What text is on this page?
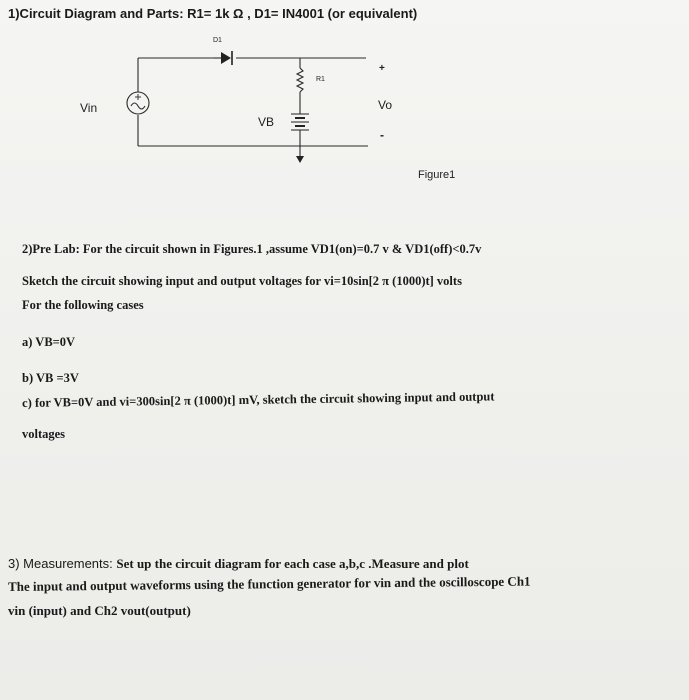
1)Circuit Diagram and Parts: R1= 1k Ω , D1= IN4001 (or equivalent)
D1
R1
Vin
VB
Vo
+
-
Figure1
2)Pre Lab: For the circuit shown in Figures.1 ,assume VD1(on)=0.7 v & VD1(off)<0.7v
Sketch the circuit showing input and output voltages for vi=10sin[2 π (1000)t] volts
For the following cases
a) VB=0V
b) VB =3V
c) for VB=0V and vi=300sin[2 π (1000)t] mV, sketch the circuit showing input and output
voltages
3) Measurements: Set up the circuit diagram for each case a,b,c .Measure and plot
The input and output waveforms using the function generator for vin and the oscilloscope Ch1
vin (input) and Ch2 vout(output)
